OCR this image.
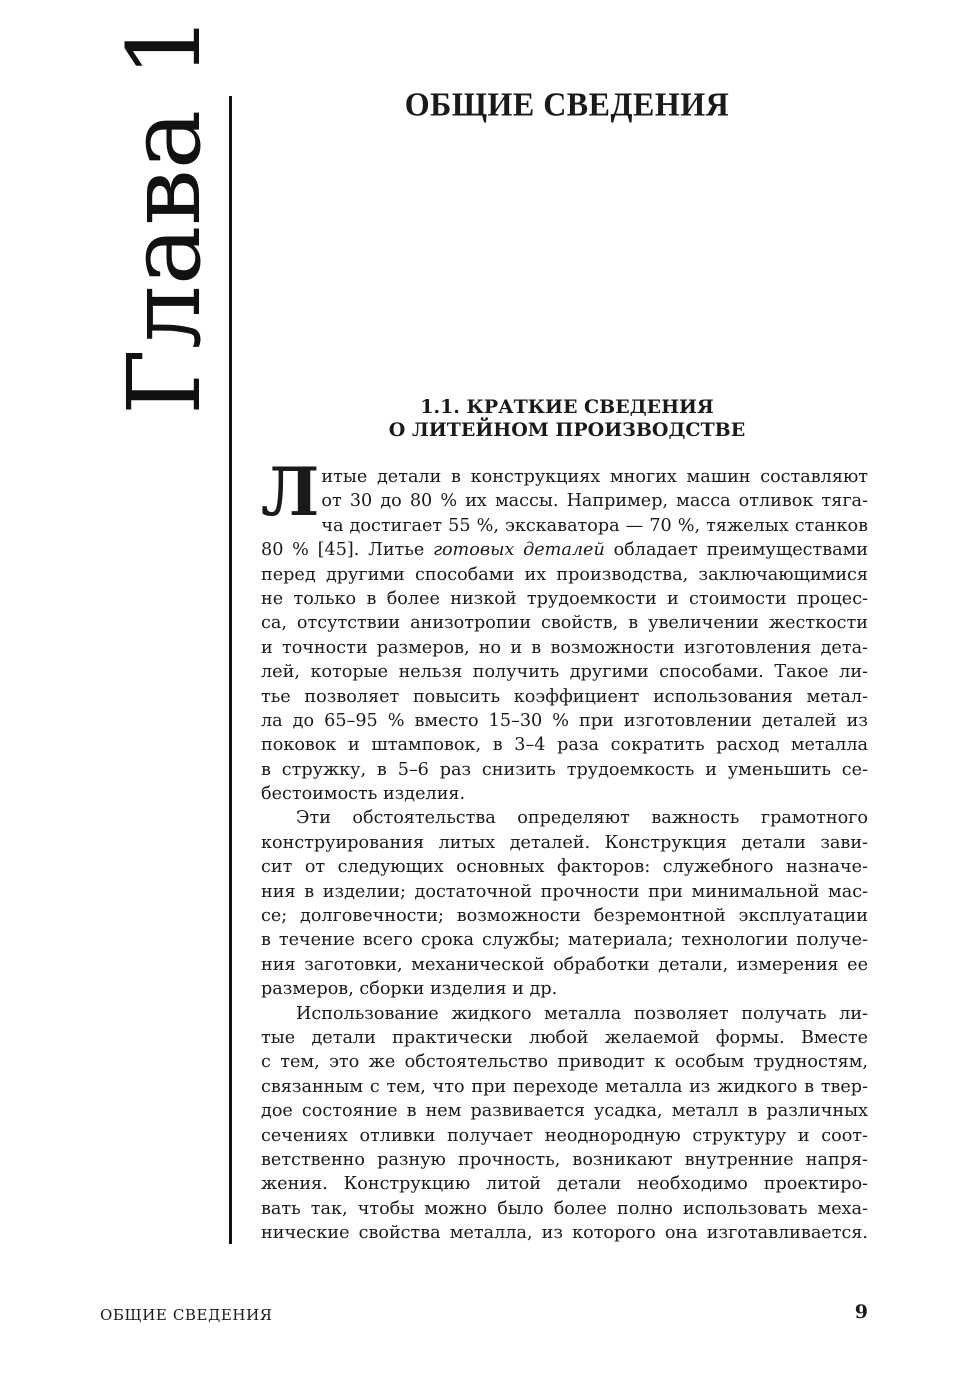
Глава 1	ОБЩИЕ СВЕДЕНИЯ
1.1. КРАТКИЕ СВЕДЕНИЯ
О ЛИТЕЙНОМ ПРОИЗВОДСТВЕ
Л итые детали в конструкциях многих машин составляют
от 30 до 80 % их массы. Например, масса отливок тяга-
ча достигает 55 %, экскаватора — 70 %, тяжелых станков
80 % [45]. Литье готовых деталей обладает преимуществами
перед другими способами их производства, заключающимися
не только в более низкой трудоемкости и стоимости процес-
са, отсутствии анизотропии свойств, в увеличении жесткости
и точности размеров, но и в возможности изготовления дета-
лей, которые нельзя получить другими способами. Такое ли-
тье позволяет повысить коэффициент использования метал-
ла до 65–95 % вместо 15–30 % при изготовлении деталей из
поковок и штамповок, в 3–4 раза сократить расход металла
в стружку, в 5–6 раз снизить трудоемкость и уменьшить се-
бестоимость изделия.
Эти обстоятельства определяют важность грамотного
конструирования литых деталей. Конструкция детали зави-
сит от следующих основных факторов: служебного назначе-
ния в изделии; достаточной прочности при минимальной мас-
се; долговечности; возможности безремонтной эксплуатации
в течение всего срока службы; материала; технологии получе-
ния заготовки, механической обработки детали, измерения ее
размеров, сборки изделия и др.
Использование жидкого металла позволяет получать ли-
тые детали практически любой желаемой формы. Вместе
с тем, это же обстоятельство приводит к особым трудностям,
связанным с тем, что при переходе металла из жидкого в твер-
дое состояние в нем развивается усадка, металл в различных
сечениях отливки получает неоднородную структуру и соот-
ветственно разную прочность, возникают внутренние напря-
жения. Конструкцию литой детали необходимо проектиро-
вать так, чтобы можно было более полно использовать меха-
нические свойства металла, из которого она изготавливается.
ОБЩИЕ СВЕДЕНИЯ	9
